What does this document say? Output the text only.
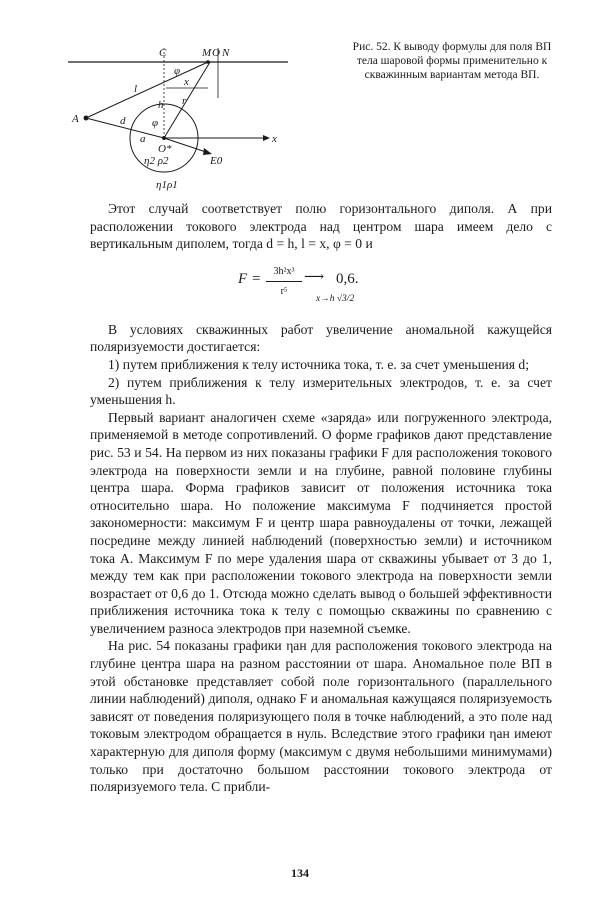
C	M O N
φ
l
x
r
h
A	d φ
a
O*
x
E0
η2 ρ2
η1ρ1
Рис. 52. К выводу формулы для поля ВП тела шаровой формы применительно к скважинным вариантам метода ВП.

Этот случай соответствует полю горизонтального диполя. А при расположении токового электрода над центром шара имеем дело с вертикальным диполем, тогда d = h, l = x, φ = 0 и

$F = \frac{\text{3h²x³}}{\text{r⁵}}$ ⟶ 0,6.
x→h √3/2

В условиях скважинных работ увеличение аномальной кажущейся поляризуемости достигается:

1) путем приближения к телу источника тока, т. е. за счет уменьшения d;

2) путем приближения к телу измерительных электродов, т. е. за счет уменьшения h.

Первый вариант аналогичен схеме «заряда» или погруженного электрода, применяемой в методе сопротивлений. О форме графиков дают представление рис. 53 и 54. На первом из них показаны графики F для расположения токового электрода на поверхности земли и на глубине, равной половине глубины центра шара. Форма графиков зависит от положения источника тока относительно шара. Но положение максимума F подчиняется простой закономерности: максимум F и центр шара равноудалены от точки, лежащей посредине между линией наблюдений (поверхностью земли) и источником тока A. Максимум F по мере удаления шара от скважины убывает от 3 до 1, между тем как при расположении токового электрода на поверхности земли возрастает от 0,6 до 1. Отсюда можно сделать вывод о большей эффективности приближения источника тока к телу с помощью скважины по сравнению с увеличением разноса электродов при наземной съемке.

На рис. 54 показаны графики ηан для расположения токового электрода на глубине центра шара на разном расстоянии от шара. Аномальное поле ВП в этой обстановке представляет собой поле горизонтального (параллельного линии наблюдений) диполя, однако F и аномальная кажущаяся поляризуемость зависят от поведения поляризующего поля в точке наблюдений, а это поле над токовым электродом обращается в нуль. Вследствие этого графики ηан имеют характерную для диполя форму (максимум с двумя небольшими минимумами) только при достаточно большом расстоянии токового электрода от поляризуемого тела. С прибли-

134
